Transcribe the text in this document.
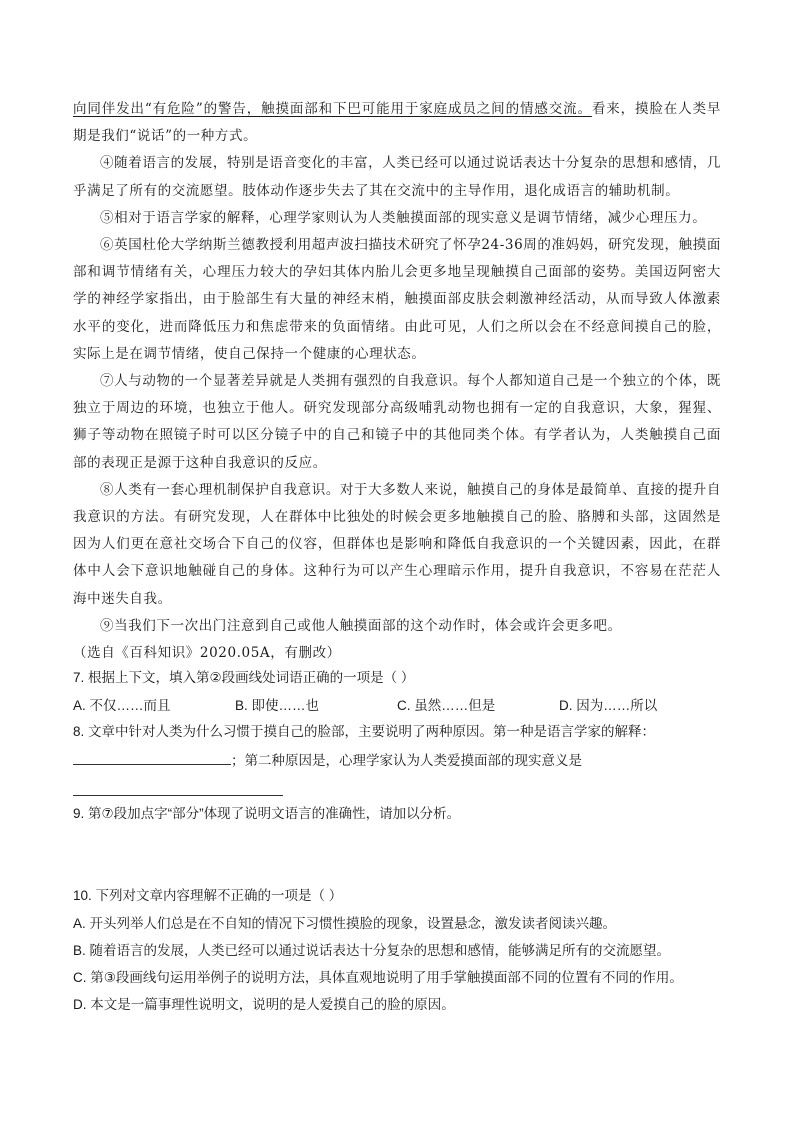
向同伴发出“有危险”的警告，触摸面部和下巴可能用于家庭成员之间的情感交流。看来，摸脸在人类早期是我们“说话”的一种方式。

④随着语言的发展，特别是语音变化的丰富，人类已经可以通过说话表达十分复杂的思想和感情，几乎满足了所有的交流愿望。肢体动作逐步失去了其在交流中的主导作用，退化成语言的辅助机制。

⑤相对于语言学家的解释，心理学家则认为人类触摸面部的现实意义是调节情绪，减少心理压力。

⑥英国杜伦大学纳斯兰德教授利用超声波扫描技术研究了怀孕24-36周的准妈妈，研究发现，触摸面部和调节情绪有关，心理压力较大的孕妇其体内胎儿会更多地呈现触摸自己面部的姿势。美国迈阿密大学的神经学家指出，由于脸部生有大量的神经末梢，触摸面部皮肤会刺激神经活动，从而导致人体激素水平的变化，进而降低压力和焦虑带来的负面情绪。由此可见，人们之所以会在不经意间摸自己的脸，实际上是在调节情绪，使自己保持一个健康的心理状态。

⑦人与动物的一个显著差异就是人类拥有强烈的自我意识。每个人都知道自己是一个独立的个体，既独立于周边的环境，也独立于他人。研究发现部分高级哺乳动物也拥有一定的自我意识，大象，猩猩、狮子等动物在照镜子时可以区分镜子中的自己和镜子中的其他同类个体。有学者认为，人类触摸自己面部的表现正是源于这种自我意识的反应。

⑧人类有一套心理机制保护自我意识。对于大多数人来说，触摸自己的身体是最简单、直接的提升自我意识的方法。有研究发现，人在群体中比独处的时候会更多地触摸自己的脸、胳膊和头部，这固然是因为人们更在意社交场合下自己的仪容，但群体也是影响和降低自我意识的一个关键因素，因此，在群体中人会下意识地触碰自己的身体。这种行为可以产生心理暗示作用，提升自我意识，不容易在茫茫人海中迷失自我。

⑨当我们下一次出门注意到自己或他人触摸面部的这个动作时，体会或许会更多吧。

（选自《百科知识》2020.05A，有删改）

7. 根据上下文，填入第②段画线处词语正确的一项是（ ）
A. 不仅……而且	B. 即使……也	C. 虽然……但是	D. 因为……所以
8. 文章中针对人类为什么习惯于摸自己的脸部，主要说明了两种原因。第一种是语言学家的解释：
；第二种原因是，心理学家认为人类爱摸面部的现实意义是
9. 第⑦段加点字“部分”体现了说明文语言的准确性，请加以分析。
10. 下列对文章内容理解不正确的一项是（ ）
A. 开头列举人们总是在不自知的情况下习惯性摸脸的现象，设置悬念，激发读者阅读兴趣。
B. 随着语言的发展，人类已经可以通过说话表达十分复杂的思想和感情，能够满足所有的交流愿望。
C. 第③段画线句运用举例子的说明方法，具体直观地说明了用手掌触摸面部不同的位置有不同的作用。
D. 本文是一篇事理性说明文，说明的是人爱摸自己的脸的原因。
